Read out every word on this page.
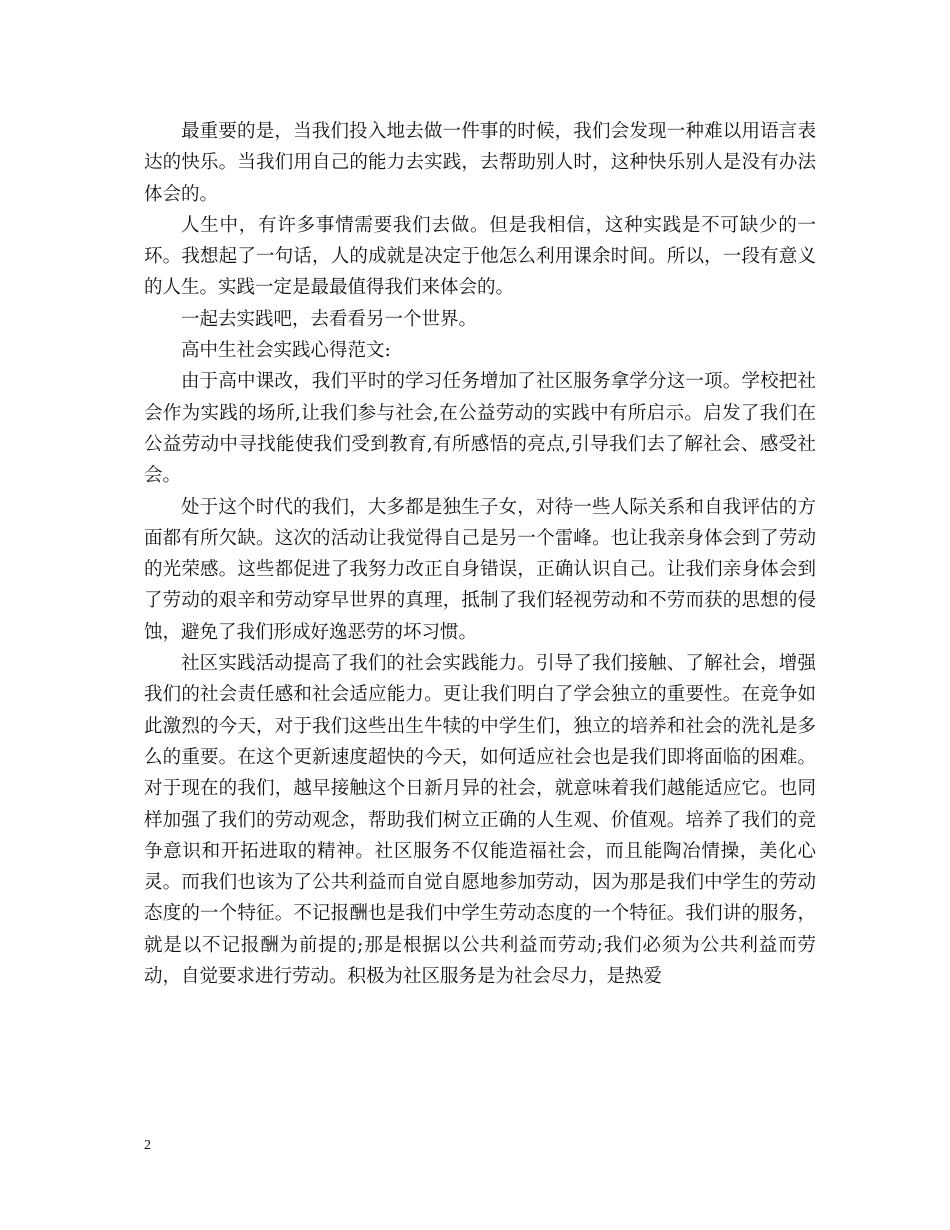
最重要的是，当我们投入地去做一件事的时候，我们会发现一种难以用语言表达的快乐。当我们用自己的能力去实践，去帮助别人时，这种快乐别人是没有办法体会的。

人生中，有许多事情需要我们去做。但是我相信，这种实践是不可缺少的一环。我想起了一句话，人的成就是决定于他怎么利用课余时间。所以，一段有意义的人生。实践一定是最最值得我们来体会的。

一起去实践吧，去看看另一个世界。

高中生社会实践心得范文:

由于高中课改，我们平时的学习任务增加了社区服务拿学分这一项。学校把社会作为实践的场所,让我们参与社会,在公益劳动的实践中有所启示。启发了我们在公益劳动中寻找能使我们受到教育,有所感悟的亮点,引导我们去了解社会、感受社会。

处于这个时代的我们，大多都是独生子女，对待一些人际关系和自我评估的方面都有所欠缺。这次的活动让我觉得自己是另一个雷峰。也让我亲身体会到了劳动的光荣感。这些都促进了我努力改正自身错误，正确认识自己。让我们亲身体会到了劳动的艰辛和劳动穿早世界的真理，抵制了我们轻视劳动和不劳而获的思想的侵蚀，避免了我们形成好逸恶劳的坏习惯。

社区实践活动提高了我们的社会实践能力。引导了我们接触、了解社会，增强我们的社会责任感和社会适应能力。更让我们明白了学会独立的重要性。在竞争如此激烈的今天，对于我们这些出生牛犊的中学生们，独立的培养和社会的洗礼是多么的重要。在这个更新速度超快的今天，如何适应社会也是我们即将面临的困难。对于现在的我们，越早接触这个日新月异的社会，就意味着我们越能适应它。也同样加强了我们的劳动观念，帮助我们树立正确的人生观、价值观。培养了我们的竞争意识和开拓进取的精神。社区服务不仅能造福社会，而且能陶冶情操，美化心灵。而我们也该为了公共利益而自觉自愿地参加劳动，因为那是我们中学生的劳动态度的一个特征。不记报酬也是我们中学生劳动态度的一个特征。我们讲的服务，就是以不记报酬为前提的;那是根据以公共利益而劳动;我们必须为公共利益而劳动，自觉要求进行劳动。积极为社区服务是为社会尽力，是热爱

2
